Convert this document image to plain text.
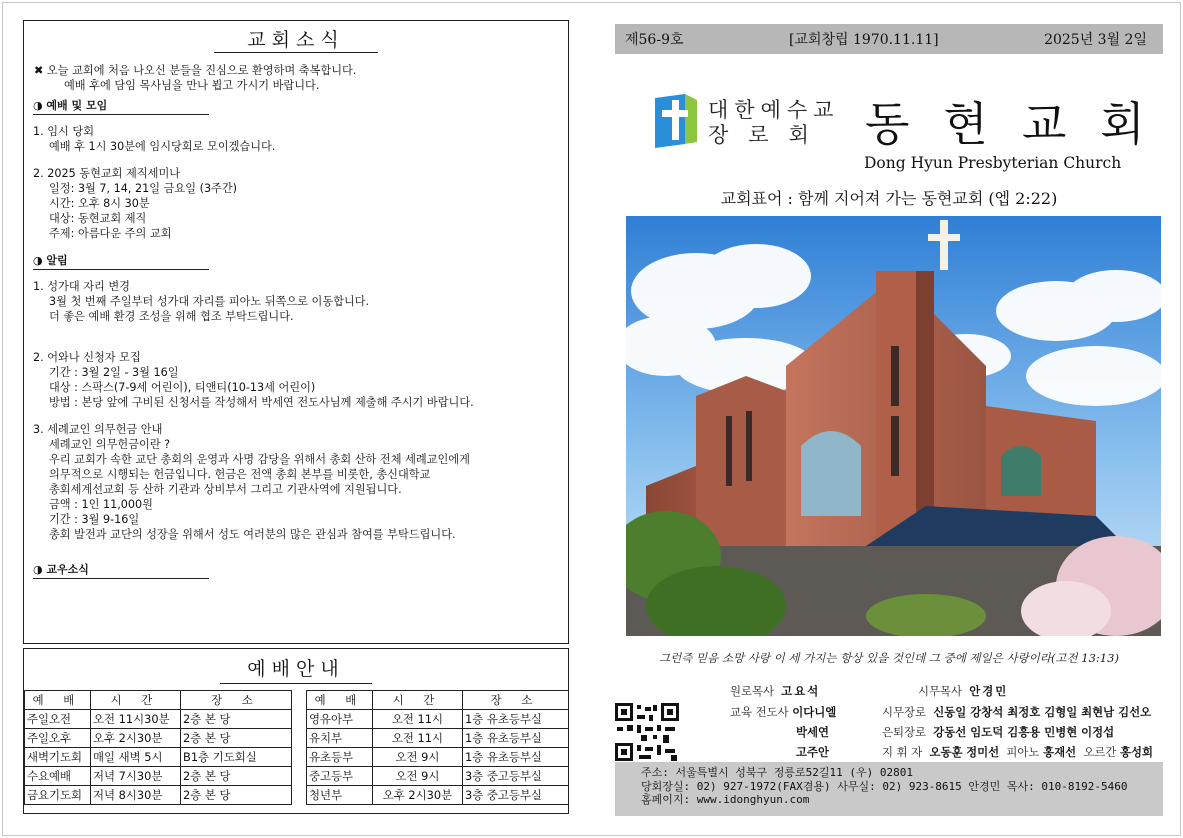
교회소식
✖ 오늘 교회에 처음 나오신 분들을 진심으로 환영하며 축복합니다.
예배 후에 담임 목사님을 만나 뵙고 가시기 바랍니다.
◑ 예배 및 모임
1. 임시 당회
예배 후 1시 30분에 임시당회로 모이겠습니다.
2. 2025 동현교회 제직세미나
일정: 3월 7, 14, 21일 금요일 (3주간)
시간: 오후 8시 30분
대상: 동현교회 제직
주제: 아름다운 주의 교회
◑ 알림
1. 성가대 자리 변경
3월 첫 번째 주일부터 성가대 자리를 피아노 뒤쪽으로 이동합니다.
더 좋은 예배 환경 조성을 위해 협조 부탁드립니다.
2. 어와나 신청자 모집
기간 : 3월 2일 - 3월 16일
대상 : 스팍스(7-9세 어린이), 티앤티(10-13세 어린이)
방법 : 본당 앞에 구비된 신청서를 작성해서 박세연 전도사님께 제출해 주시기 바랍니다.
3. 세례교인 의무헌금 안내
세례교인 의무헌금이란 ?
우리 교회가 속한 교단 총회의 운영과 사명 감당을 위해서 총회 산하 전체 세례교인에게
의무적으로 시행되는 헌금입니다. 헌금은 전액 총회 본부를 비롯한, 총신대학교
총회세계선교회 등 산하 기관과 상비부서 그리고 기관사역에 지원됩니다.
금액 : 1인 11,000원
기간 : 3월 9-16일
총회 발전과 교단의 성장을 위해서 성도 여러분의 많은 관심과 참여를 부탁드립니다.
◑ 교우소식
예배안내
예 배	시 간	장 소
주일오전	오전 11시30분	2층 본 당
주일오후	오후 2시30분	2층 본 당
새벽기도회	매일 새벽 5시	B1층 기도회실
수요예배	저녁 7시30분	2층 본 당
금요기도회	저녁 8시30분	2층 본 당
예 배	시 간	장 소
영유아부	오전 11시	1층 유초등부실
유치부	오전 11시	1층 유초등부실
유초등부	오전 9시	1층 유초등부실
중고등부	오전 9시	3층 중고등부실
청년부	오후 2시30분	3층 중고등부실
제56-9호	[교회창립 1970.11.11]	2025년 3월 2일
대한예수교
장로회 동현교회
Dong Hyun Presbyterian Church
교회표어 : 함께 지어져 가는 동현교회 (엡 2:22)
그런즉 믿음 소망 사랑 이 세 가지는 항상 있을 것인데 그 중에 제일은 사랑이라(고전 13:13)
원로목사 고요석	시무목사 안경민
교육 전도사 이다니엘
박세연
고주안
시무장로 신동일 강창석 최정호 김형일 최현남 김선오
은퇴장로 강동선 임도덕 김흥용 민병현 이정섭
지 휘 자 오동훈 정미선 피아노 홍재선 오르간 홍성희
주소: 서울특별시 성북구 정릉로52길11 (우) 02801
당회장실: 02) 927-1972(FAX겸용) 사무실: 02) 923-8615 안경민 목사: 010-8192-5460
홈페이지: www.idonghyun.com
